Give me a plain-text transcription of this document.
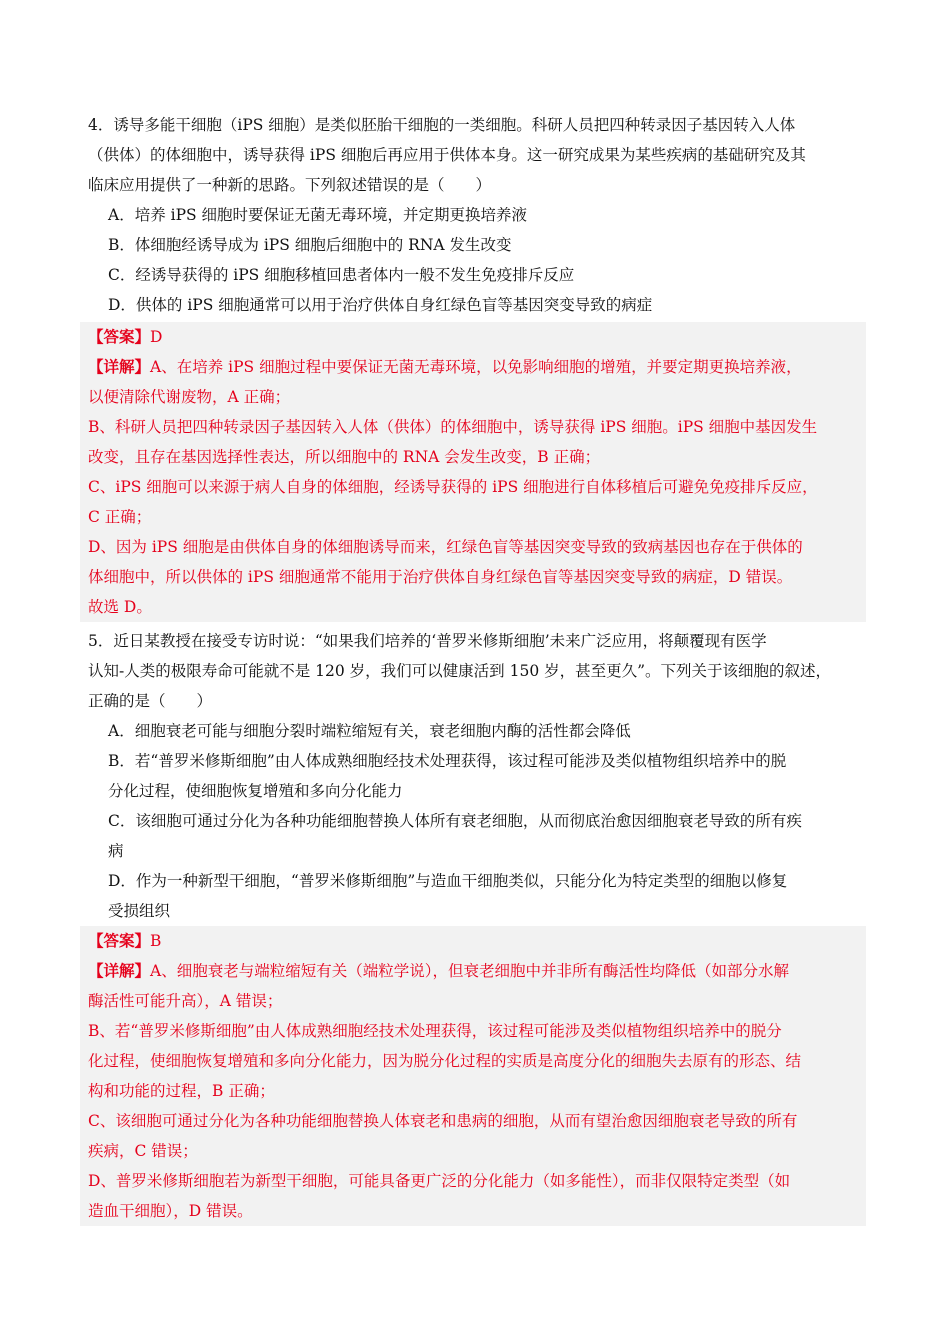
4．诱导多能干细胞（iPS 细胞）是类似胚胎干细胞的一类细胞。科研人员把四种转录因子基因转入人体
（供体）的体细胞中，诱导获得 iPS 细胞后再应用于供体本身。这一研究成果为某些疾病的基础研究及其
临床应用提供了一种新的思路。下列叙述错误的是（　　）
A．培养 iPS 细胞时要保证无菌无毒环境，并定期更换培养液
B．体细胞经诱导成为 iPS 细胞后细胞中的 RNA 发生改变
C．经诱导获得的 iPS 细胞移植回患者体内一般不发生免疫排斥反应
D．供体的 iPS 细胞通常可以用于治疗供体自身红绿色盲等基因突变导致的病症
【答案】D
【详解】A、在培养 iPS 细胞过程中要保证无菌无毒环境，以免影响细胞的增殖，并要定期更换培养液，
以便清除代谢废物，A 正确；
B、科研人员把四种转录因子基因转入人体（供体）的体细胞中，诱导获得 iPS 细胞。iPS 细胞中基因发生
改变，且存在基因选择性表达，所以细胞中的 RNA 会发生改变，B 正确；
C、iPS 细胞可以来源于病人自身的体细胞，经诱导获得的 iPS 细胞进行自体移植后可避免免疫排斥反应，
C 正确；
D、因为 iPS 细胞是由供体自身的体细胞诱导而来，红绿色盲等基因突变导致的致病基因也存在于供体的
体细胞中，所以供体的 iPS 细胞通常不能用于治疗供体自身红绿色盲等基因突变导致的病症，D 错误。
故选 D。
5．近日某教授在接受专访时说：“如果我们培养的‘普罗米修斯细胞’未来广泛应用，将颠覆现有医学
认知-人类的极限寿命可能就不是 120 岁，我们可以健康活到 150 岁，甚至更久”。下列关于该细胞的叙述，
正确的是（　　）
A．细胞衰老可能与细胞分裂时端粒缩短有关，衰老细胞内酶的活性都会降低
B．若“普罗米修斯细胞”由人体成熟细胞经技术处理获得，该过程可能涉及类似植物组织培养中的脱
分化过程，使细胞恢复增殖和多向分化能力
C．该细胞可通过分化为各种功能细胞替换人体所有衰老细胞，从而彻底治愈因细胞衰老导致的所有疾
病
D．作为一种新型干细胞，“普罗米修斯细胞”与造血干细胞类似，只能分化为特定类型的细胞以修复
受损组织
【答案】B
【详解】A、细胞衰老与端粒缩短有关（端粒学说），但衰老细胞中并非所有酶活性均降低（如部分水解
酶活性可能升高），A 错误；
B、若“普罗米修斯细胞”由人体成熟细胞经技术处理获得，该过程可能涉及类似植物组织培养中的脱分
化过程，使细胞恢复增殖和多向分化能力，因为脱分化过程的实质是高度分化的细胞失去原有的形态、结
构和功能的过程，B 正确；
C、该细胞可通过分化为各种功能细胞替换人体衰老和患病的细胞，从而有望治愈因细胞衰老导致的所有
疾病，C 错误；
D、普罗米修斯细胞若为新型干细胞，可能具备更广泛的分化能力（如多能性），而非仅限特定类型（如
造血干细胞），D 错误。
